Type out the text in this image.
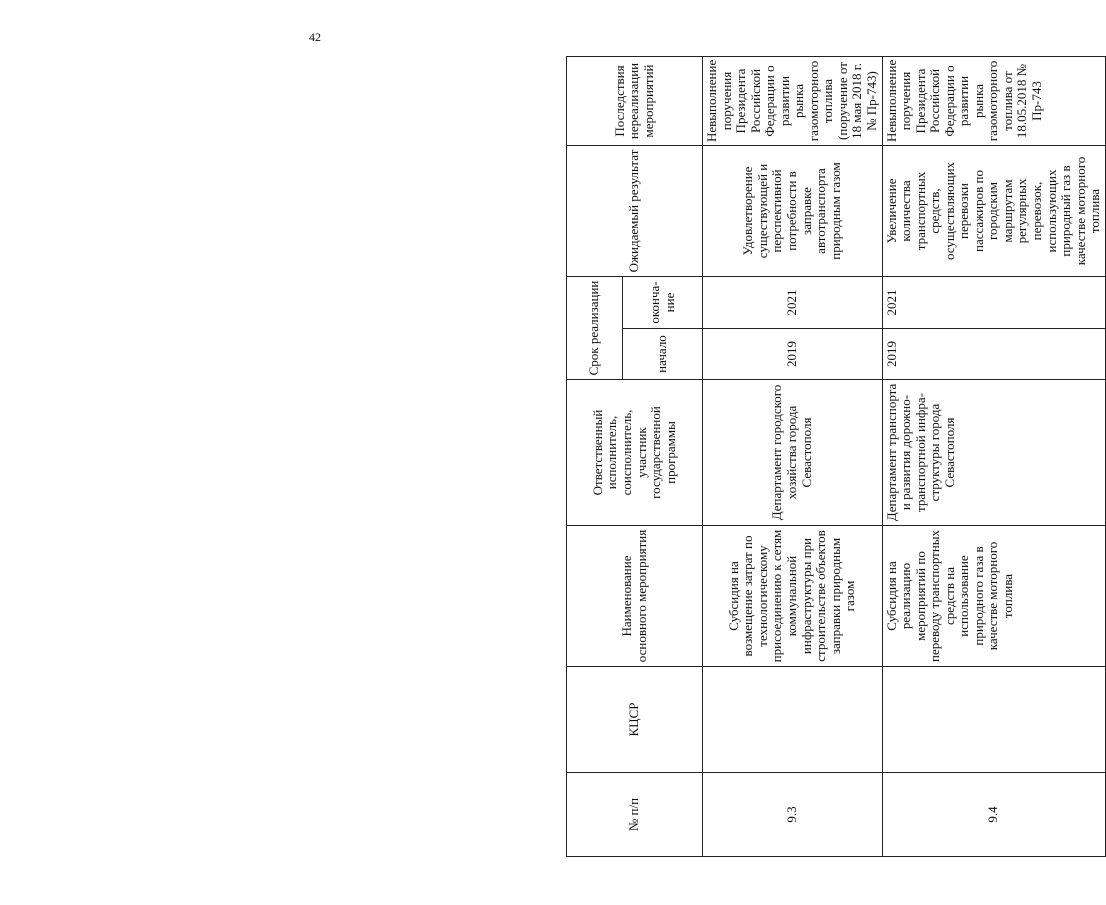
42
№ п/п	КЦСР	Наименование основного мероприятия	Ответственный исполнитель, соисполнитель, участник государственной программы	Срок реализации		Ожидаемый результат	Последствия нереализации мероприятий
				начало	оконча-ние		
9.3		Субсидия на возмещение затрат по технологическому присоединению к сетям коммунальной инфраструктуры при строительстве объектов заправки природным газом	Департамент городского хозяйства города Севастополя	2019	2021	Удовлетворение существующей и перспективной потребности в заправке автотранспорта природным газом	Невыполнение поручения Президента Российской Федерации о развитии рынка газомоторного топлива (поручение от 18 мая 2018 г. № Пр-743)
9.4		Субсидия на реализацию мероприятий по переводу транспортных средств на использование природного газа в качестве моторного топлива	Департамент транспорта и развития дорожно-транспортной инфра-структуры города Севастополя	2019	2021	Увеличение количества транспортных средств, осуществляющих перевозки пассажиров по городским маршрутам регулярных перевозок, использующих природный газ в качестве моторного топлива	Невыполнение поручения Президента Российской Федерации о развитии рынка газомоторного топлива от 18.05.2018 № Пр-743
